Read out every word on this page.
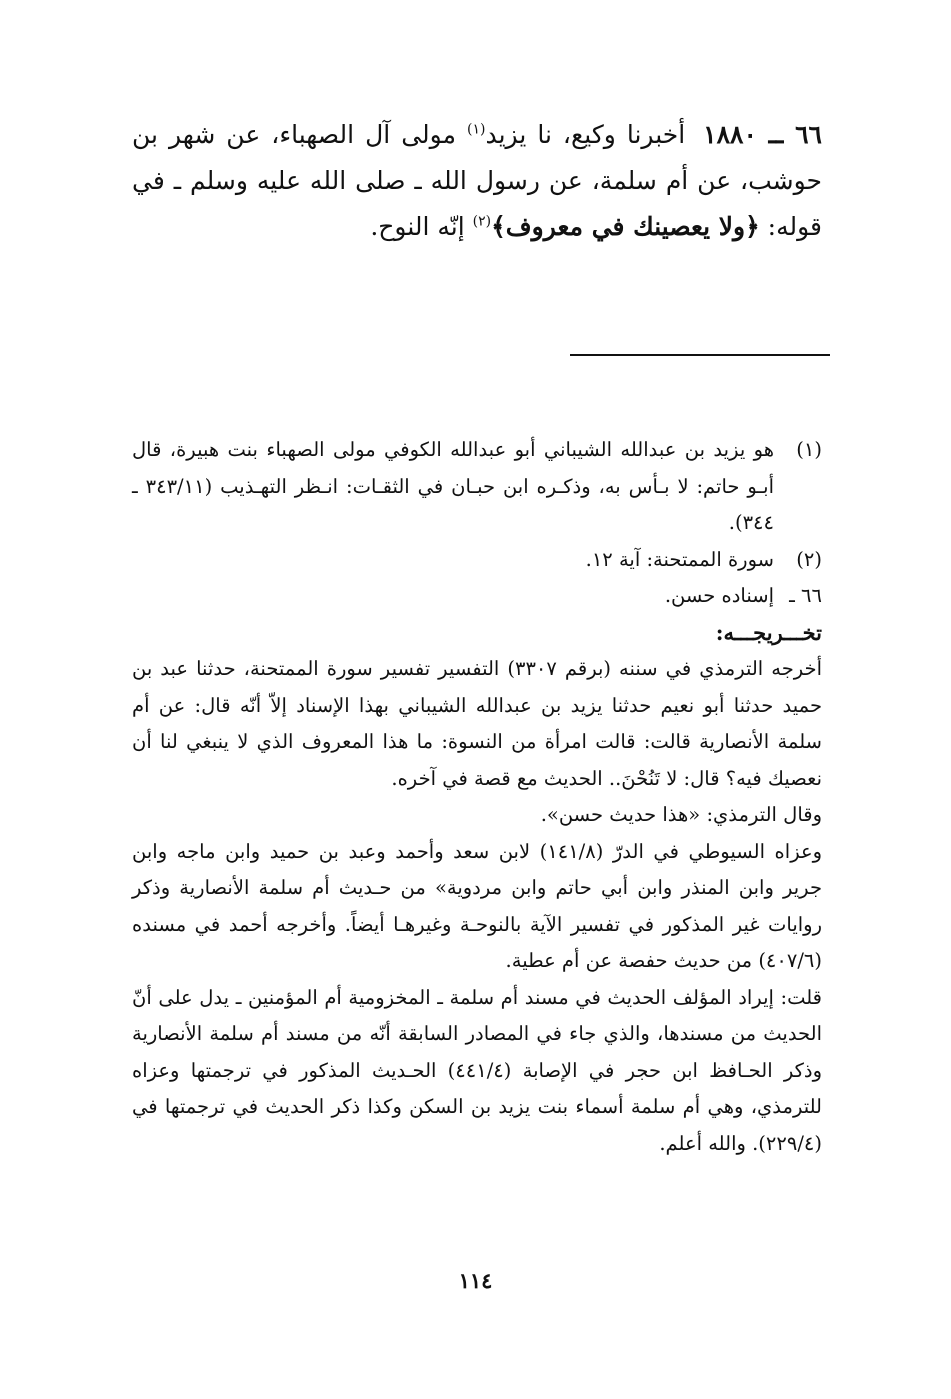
٦٦ ــ ١٨٨٠أخبرنا وكيع، نا يزيد$^{(١)}$ مولى آل الصهباء، عن شهر بن حوشب، عن أم سلمة، عن رسول الله ـ صلى الله عليه وسلم ـ في قوله: ﴿ولا يعصينك في معروف﴾$^{(٢)}$ إنّه النوح.
(١)
هو يزيد بن عبدالله الشيباني أبو عبدالله الكوفي مولى الصهباء بنت هبيرة، قال أبـو حاتم: لا بـأس به، وذكـره ابن حبـان في الثقـات: انـظر التهـذيب (٣٤٣/١١ ـ ٣٤٤).
(٢)
سورة الممتحنة: آية ١٢.
٦٦ ـ
إسناده حسن.
تخـــريجـــه:
أخرجه الترمذي في سننه (برقم ٣٣٠٧) التفسير تفسير سورة الممتحنة، حدثنا عبد بن حميد حدثنا أبو نعيم حدثنا يزيد بن عبدالله الشيباني بهذا الإسناد إلاّ أنّه قال: عن أم سلمة الأنصارية قالت: قالت امرأة من النسوة: ما هذا المعروف الذي لا ينبغي لنا أن نعصيك فيه؟ قال: لا تَنُحْنَ.. الحديث مع قصة في آخره.
وقال الترمذي: «هذا حديث حسن».
وعزاه السيوطي في الدرّ (١٤١/٨) لابن سعد وأحمد وعبد بن حميد وابن ماجه وابن جرير وابن المنذر وابن أبي حاتم وابن مردوية» من حـديث أم سلمة الأنصارية وذكر روايات غير المذكور في تفسير الآية بالنوحـة وغيرهـا أيضاً. وأخرجه أحمد في مسنده (٤٠٧/٦) من حديث حفصة عن أم عطية.
قلت: إيراد المؤلف الحديث في مسند أم سلمة ـ المخزومية أم المؤمنين ـ يدل على أنّ الحديث من مسندها، والذي جاء في المصادر السابقة أنّه من مسند أم سلمة الأنصارية وذكر الحـافظ ابن حجر في الإصابة (٤٤١/٤) الحـديث المذكور في ترجمتها وعزاه للترمذي، وهي أم سلمة أسماء بنت يزيد بن السكن وكذا ذكر الحديث في ترجمتها في (٢٢٩/٤). والله أعلم.
١١٤
